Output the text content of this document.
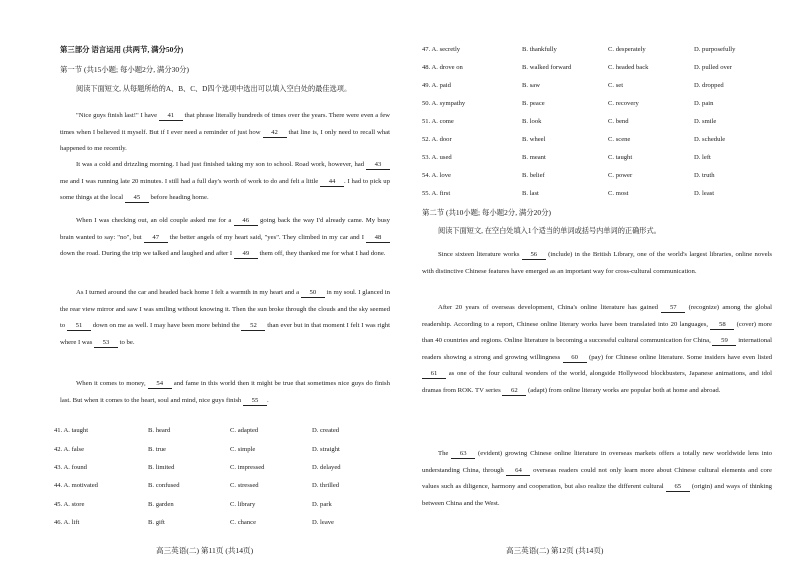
第三部分 语言运用 (共两节, 满分50分)
第一节 (共15小题; 每小题2分, 满分30分)
阅读下面短文, 从每题所给的A、B、C、D四个选项中选出可以填入空白处的最佳选项。

"Nice guys finish last!" I have 41 that phrase literally hundreds of times over the years. There were even a few times when I believed it myself. But if I ever need a reminder of just how 42 that line is, I only need to recall what happened to me recently.

It was a cold and drizzling morning. I had just finished taking my son to school. Road work, however, had 43 me and I was running late 20 minutes. I still had a full day's worth of work to do and felt a little 44 . I had to pick up some things at the local 45 before heading home.

When I was checking out, an old couple asked me for a 46 going back the way I'd already came. My busy brain wanted to say: "no", but 47 the better angels of my heart said, "yes". They climbed in my car and I 48 down the road. During the trip we talked and laughed and after I 49 them off, they thanked me for what I had done.

As I turned around the car and headed back home I felt a warmth in my heart and a 50 in my soul. I glanced in the rear view mirror and saw I was smiling without knowing it. Then the sun broke through the clouds and the sky seemed to 51 down on me as well. I may have been more behind the 52 than ever but in that moment I felt I was right where I was 53 to be.

When it comes to money, 54 and fame in this world then it might be true that sometimes nice guys do finish last. But when it comes to the heart, soul and mind, nice guys finish 55 .

41. A. taught	B. heard	C. adapted	D. created
42. A. false	B. true	C. simple	D. straight
43. A. found	B. limited	C. impressed	D. delayed
44. A. motivated	B. confused	C. stressed	D. thrilled
45. A. store	B. garden	C. library	D. park
46. A. lift	B. gift	C. chance	D. leave
高三英语(二) 第11页 (共14页)
47. A. secretly	B. thankfully	C. desperately	D. purposefully
48. A. drove on	B. walked forward	C. headed back	D. pulled over
49. A. paid	B. saw	C. set	D. dropped
50. A. sympathy	B. peace	C. recovery	D. pain
51. A. come	B. look	C. bend	D. smile
52. A. door	B. wheel	C. scene	D. schedule
53. A. used	B. meant	C. taught	D. left
54. A. love	B. belief	C. power	D. truth
55. A. first	B. last	C. most	D. least
第二节 (共10小题; 每小题2分, 满分20分)
阅读下面短文, 在空白处填入1个适当的单词或括号内单词的正确形式。

Since sixteen literature works 56 (include) in the British Library, one of the world's largest libraries, online novels with distinctive Chinese features have emerged as an important way for cross-cultural communication.

After 20 years of overseas development, China's online literature has gained 57 (recognize) among the global readership. According to a report, Chinese online literary works have been translated into 20 languages, 58 (cover) more than 40 countries and regions. Online literature is becoming a successful cultural communication for China, 59 international readers showing a strong and growing willingness 60 (pay) for Chinese online literature. Some insiders have even listed 61 as one of the four cultural wonders of the world, alongside Hollywood blockbusters, Japanese animations, and idol dramas from ROK. TV series 62 (adapt) from online literary works are popular both at home and abroad.

The 63 (evident) growing Chinese online literature in overseas markets offers a totally new worldwide lens into understanding China, through 64 overseas readers could not only learn more about Chinese cultural elements and core values such as diligence, harmony and cooperation, but also realize the different cultural 65 (origin) and ways of thinking between China and the West.

高三英语(二) 第12页 (共14页)
